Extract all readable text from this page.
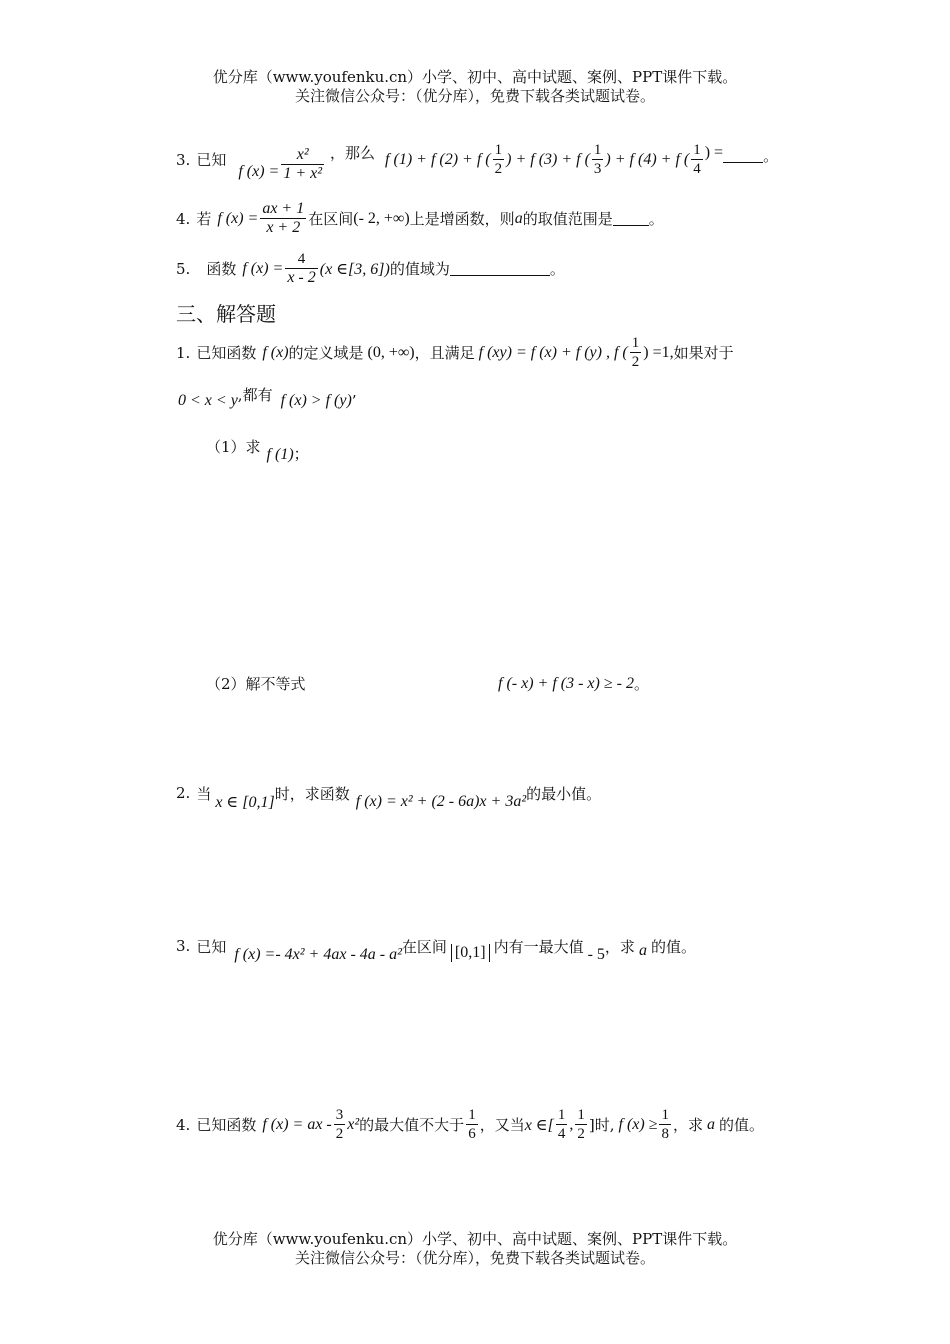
优分库（www.youfenku.cn）小学、初中、高中试题、案例、PPT课件下载。
关注微信公众号：（优分库），免费下载各类试题试卷。
3. 已知
f $(x) = \frac{\text{x²}}{\text{1 + x²}}$ ，那么 f (1) + f (2) + f ( $\frac{1}{2}$ ) + f (3) + f ( $\frac{1}{3}$ ) + f (4) + f ( $\frac{1}{4}$ ) =	。
4. 若 f $(x) = \frac{ax + 1}{x + 2}$ 在区间 (- 2, +∞) 上是增函数，则 a 的取值范围是 。
5. 函数 f $(x) = \frac{4}{x - 2} (x$ ∈[3, 6]) 的值域为	。
三、解答题
1. 已知函数 f (x) 的定义域是 (0, +∞) ，且满足 f (xy) = f (x) + f (y) , f ( $\frac{1}{2}$ ) =1, 如果对于
0 < x < y ,都有 f (x) > f (y) ’
（1）求 f (1) ；
（2）解不等式	f (- x) + f (3 - x) ≥ - 2 。
2. 当 x ∈ [0,1] 时，求函数 f (x) = x² + (2 - 6a)x + 3a² 的最小值。
3. 已知 f (x) =- 4x² + 4ax - 4a - a² 在区间 [0,1] 内有一最大值 - 5 ，求 a 的值。
4. 已知函数 f (x) = ax - $\frac{3}{2} x^2$ 的最大值不大于 $\frac{1}{6}$ ，又当 x ∈[ $\frac{1}{4}$ , $\frac{1}{2}$ ]时, f $(x) \ge \frac{1}{8}$ ，求 a 的值。
优分库（www.youfenku.cn）小学、初中、高中试题、案例、PPT课件下载。
关注微信公众号：（优分库），免费下载各类试题试卷。
